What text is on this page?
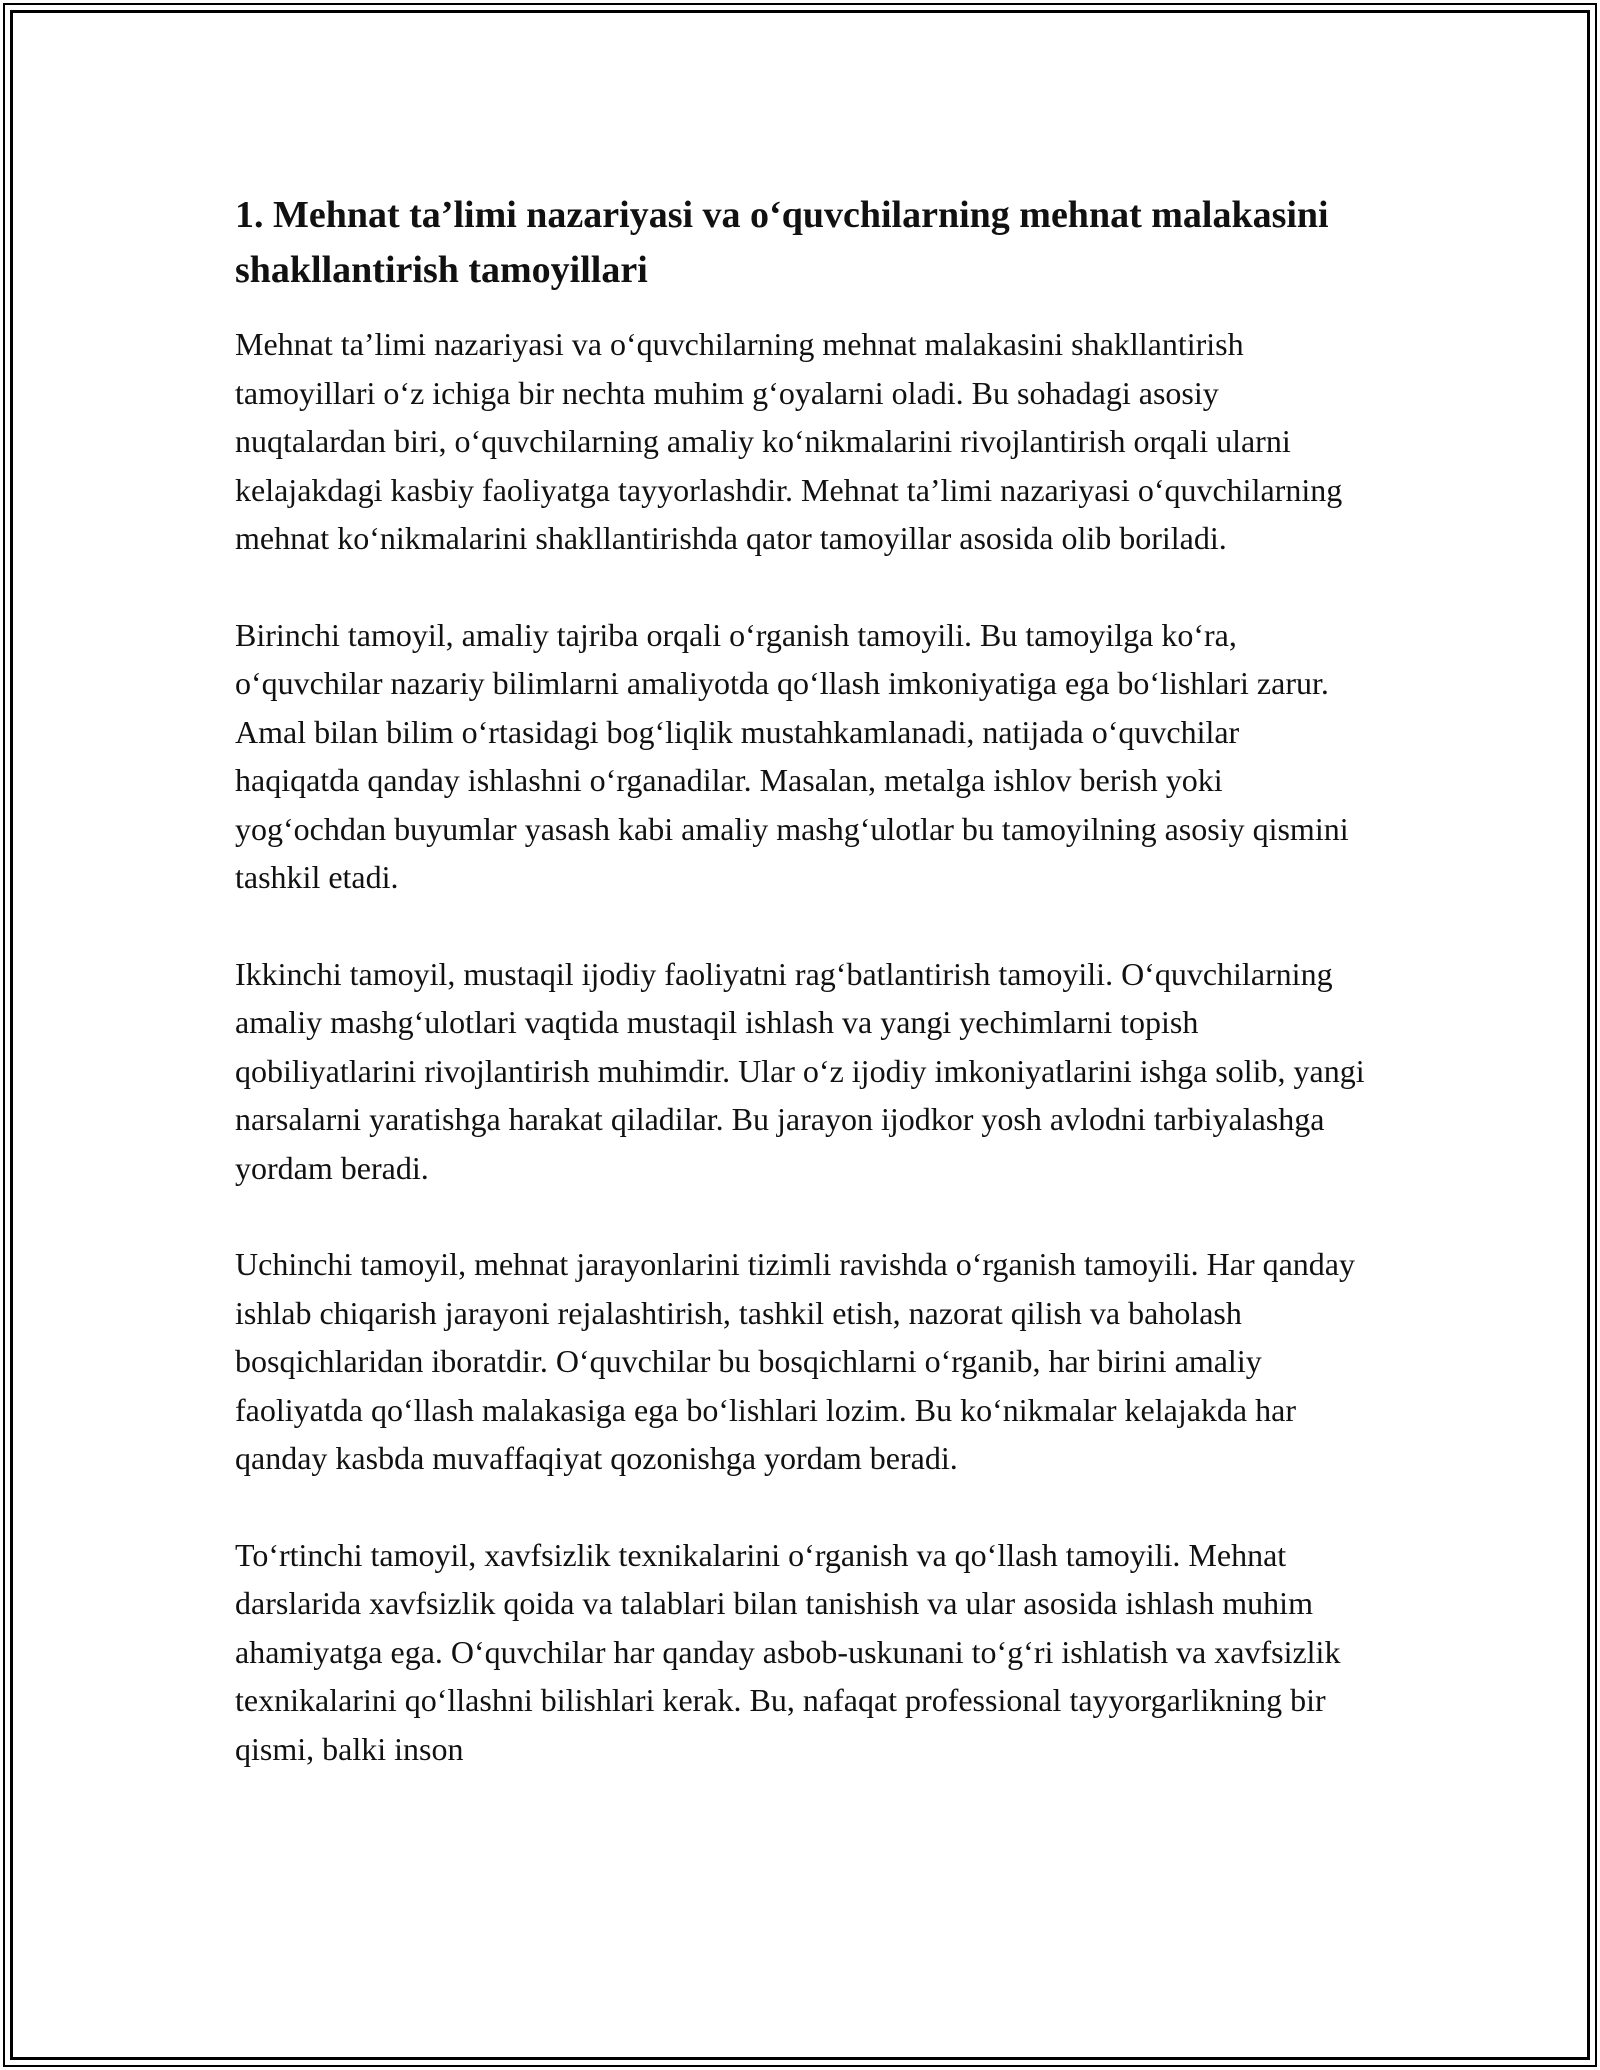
1. Mehnat ta’limi nazariyasi va o‘quvchilarning mehnat malakasini shakllantirish tamoyillari

Mehnat ta’limi nazariyasi va o‘quvchilarning mehnat malakasini shakllantirish tamoyillari o‘z ichiga bir nechta muhim g‘oyalarni oladi. Bu sohadagi asosiy nuqtalardan biri, o‘quvchilarning amaliy ko‘nikmalarini rivojlantirish orqali ularni kelajakdagi kasbiy faoliyatga tayyorlashdir. Mehnat ta’limi nazariyasi o‘quvchilarning mehnat ko‘nikmalarini shakllantirishda qator tamoyillar asosida olib boriladi.

Birinchi tamoyil, amaliy tajriba orqali o‘rganish tamoyili. Bu tamoyilga ko‘ra, o‘quvchilar nazariy bilimlarni amaliyotda qo‘llash imkoniyatiga ega bo‘lishlari zarur. Amal bilan bilim o‘rtasidagi bog‘liqlik mustahkamlanadi, natijada o‘quvchilar haqiqatda qanday ishlashni o‘rganadilar. Masalan, metalga ishlov berish yoki yog‘ochdan buyumlar yasash kabi amaliy mashg‘ulotlar bu tamoyilning asosiy qismini tashkil etadi.

Ikkinchi tamoyil, mustaqil ijodiy faoliyatni rag‘batlantirish tamoyili. O‘quvchilarning amaliy mashg‘ulotlari vaqtida mustaqil ishlash va yangi yechimlarni topish qobiliyatlarini rivojlantirish muhimdir. Ular o‘z ijodiy imkoniyatlarini ishga solib, yangi narsalarni yaratishga harakat qiladilar. Bu jarayon ijodkor yosh avlodni tarbiyalashga yordam beradi.

Uchinchi tamoyil, mehnat jarayonlarini tizimli ravishda o‘rganish tamoyili. Har qanday ishlab chiqarish jarayoni rejalashtirish, tashkil etish, nazorat qilish va baholash bosqichlaridan iboratdir. O‘quvchilar bu bosqichlarni o‘rganib, har birini amaliy faoliyatda qo‘llash malakasiga ega bo‘lishlari lozim. Bu ko‘nikmalar kelajakda har qanday kasbda muvaffaqiyat qozonishga yordam beradi.

To‘rtinchi tamoyil, xavfsizlik texnikalarini o‘rganish va qo‘llash tamoyili. Mehnat darslarida xavfsizlik qoida va talablari bilan tanishish va ular asosida ishlash muhim ahamiyatga ega. O‘quvchilar har qanday asbob-uskunani to‘g‘ri ishlatish va xavfsizlik texnikalarini qo‘llashni bilishlari kerak. Bu, nafaqat professional tayyorgarlikning bir qismi, balki inson
